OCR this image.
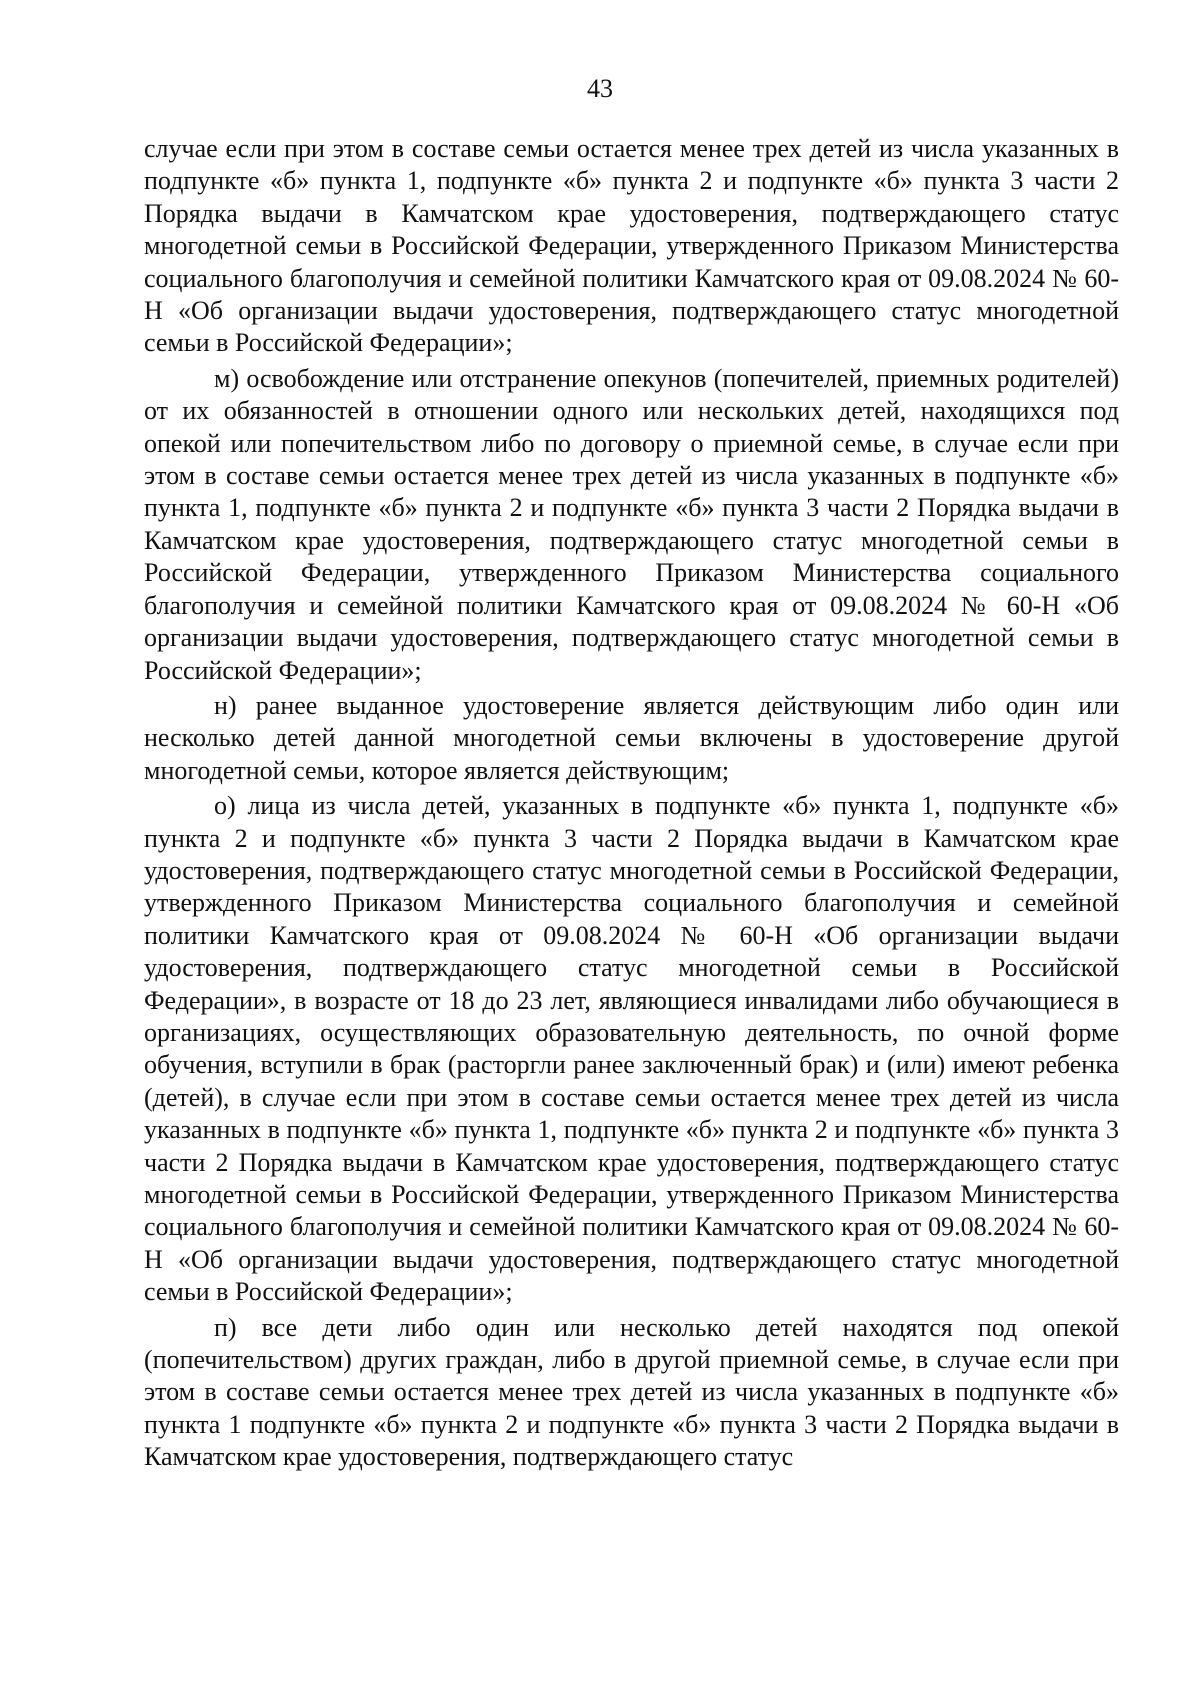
43

случае если при этом в составе семьи остается менее трех детей из числа указанных в подпункте «б» пункта 1, подпункте «б» пункта 2 и подпункте «б» пункта 3 части 2 Порядка выдачи в Камчатском крае удостоверения, подтверждающего статус многодетной семьи в Российской Федерации, утвержденного Приказом Министерства социального благополучия и семейной политики Камчатского края от 09.08.2024 № 60-Н «Об организации выдачи удостоверения, подтверждающего статус многодетной семьи в Российской Федерации»;

м) освобождение или отстранение опекунов (попечителей, приемных родителей) от их обязанностей в отношении одного или нескольких детей, находящихся под опекой или попечительством либо по договору о приемной семье, в случае если при этом в составе семьи остается менее трех детей из числа указанных в подпункте «б» пункта 1, подпункте «б» пункта 2 и подпункте «б» пункта 3 части 2 Порядка выдачи в Камчатском крае удостоверения, подтверждающего статус многодетной семьи в Российской Федерации, утвержденного Приказом Министерства социального благополучия и семейной политики Камчатского края от 09.08.2024 № 60-Н «Об организации выдачи удостоверения, подтверждающего статус многодетной семьи в Российской Федерации»;

н) ранее выданное удостоверение является действующим либо один или несколько детей данной многодетной семьи включены в удостоверение другой многодетной семьи, которое является действующим;

о) лица из числа детей, указанных в подпункте «б» пункта 1, подпункте «б» пункта 2 и подпункте «б» пункта 3 части 2 Порядка выдачи в Камчатском крае удостоверения, подтверждающего статус многодетной семьи в Российской Федерации, утвержденного Приказом Министерства социального благополучия и семейной политики Камчатского края от 09.08.2024 № 60-Н «Об организации выдачи удостоверения, подтверждающего статус многодетной семьи в Российской Федерации», в возрасте от 18 до 23 лет, являющиеся инвалидами либо обучающиеся в организациях, осуществляющих образовательную деятельность, по очной форме обучения, вступили в брак (расторгли ранее заключенный брак) и (или) имеют ребенка (детей), в случае если при этом в составе семьи остается менее трех детей из числа указанных в подпункте «б» пункта 1, подпункте «б» пункта 2 и подпункте «б» пункта 3 части 2 Порядка выдачи в Камчатском крае удостоверения, подтверждающего статус многодетной семьи в Российской Федерации, утвержденного Приказом Министерства социального благополучия и семейной политики Камчатского края от 09.08.2024 № 60-Н «Об организации выдачи удостоверения, подтверждающего статус многодетной семьи в Российской Федерации»;

п) все дети либо один или несколько детей находятся под опекой (попечительством) других граждан, либо в другой приемной семье, в случае если при этом в составе семьи остается менее трех детей из числа указанных в подпункте «б» пункта 1 подпункте «б» пункта 2 и подпункте «б» пункта 3 части 2 Порядка выдачи в Камчатском крае удостоверения, подтверждающего статус
